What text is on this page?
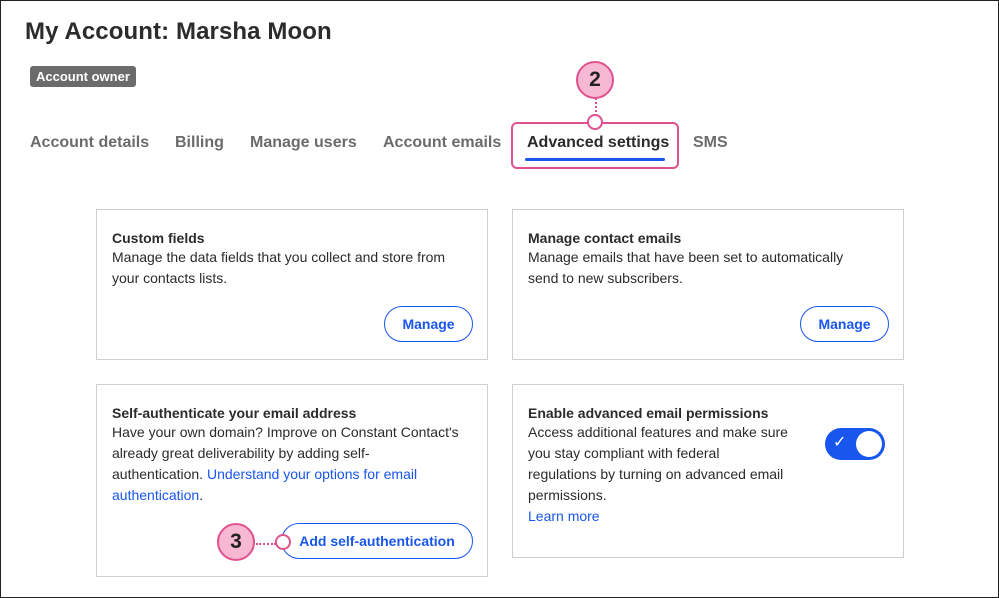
My Account: Marsha Moon
Account owner
Account details Billing Manage users Account emails Advanced settings SMS
2
Custom fields
Manage the data fields that you collect and store from
your contacts lists.
Manage
Manage contact emails
Manage emails that have been set to automatically
send to new subscribers.
Manage
Self-authenticate your email address
Have your own domain? Improve on Constant Contact's
already great deliverability by adding self-
authentication. Understand your options for email
authentication.
Add self-authentication
3
Enable advanced email permissions
Access additional features and make sure
you stay compliant with federal
regulations by turning on advanced email
permissions.
Learn more
✓
